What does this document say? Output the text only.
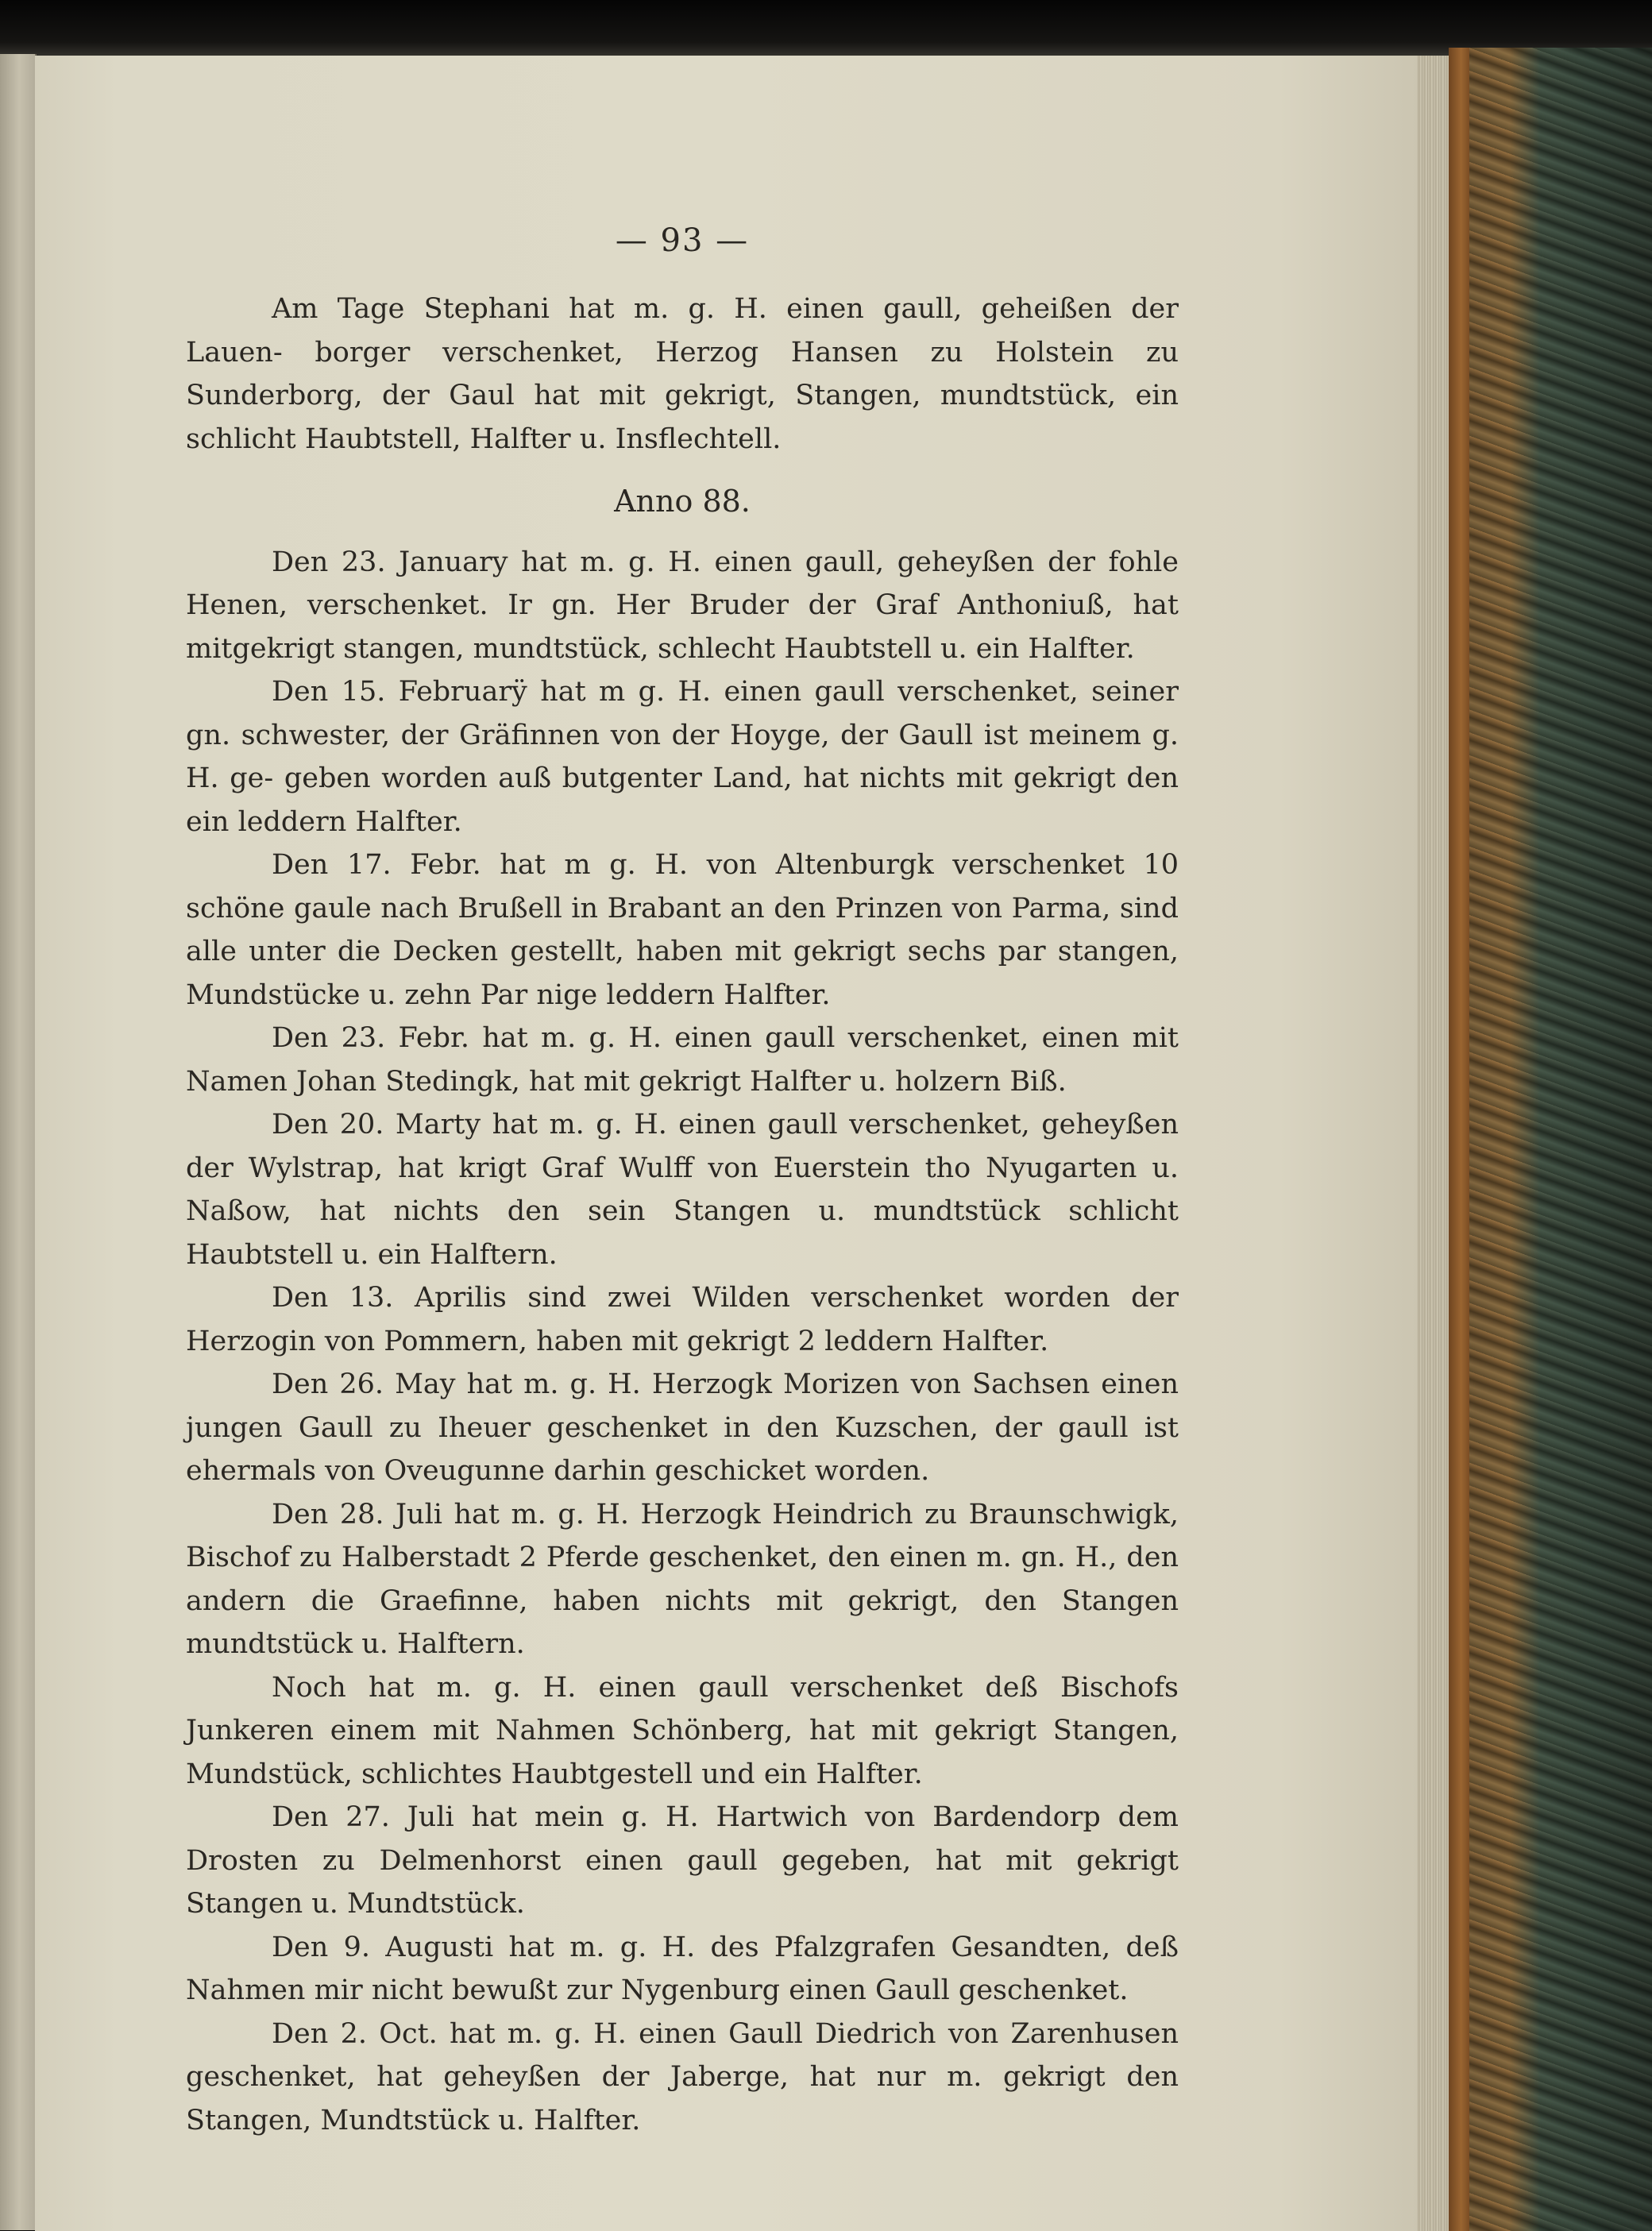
— 93 —

Am Tage Stephani hat m. g. H. einen gaull, geheißen der Lauen- borger verschenket, Herzog Hansen zu Holstein zu Sunderborg, der Gaul hat mit gekrigt, Stangen, mundtstück, ein schlicht Haubtstell, Halfter u. Insflechtell.

Anno 88.

Den 23. January hat m. g. H. einen gaull, geheyßen der fohle Henen, verschenket. Ir gn. Her Bruder der Graf Anthoniuß, hat mitgekrigt stangen, mundtstück, schlecht Haubtstell u. ein Halfter.

Den 15. Februarÿ hat m g. H. einen gaull verschenket, seiner gn. schwester, der Gräfinnen von der Hoyge, der Gaull ist meinem g. H. ge- geben worden auß butgenter Land, hat nichts mit gekrigt den ein leddern Halfter.

Den 17. Febr. hat m g. H. von Altenburgk verschenket 10 schöne gaule nach Brußell in Brabant an den Prinzen von Parma, sind alle unter die Decken gestellt, haben mit gekrigt sechs par stangen, Mundstücke u. zehn Par nige leddern Halfter.

Den 23. Febr. hat m. g. H. einen gaull verschenket, einen mit Namen Johan Stedingk, hat mit gekrigt Halfter u. holzern Biß.

Den 20. Marty hat m. g. H. einen gaull verschenket, geheyßen der Wylstrap, hat krigt Graf Wulff von Euerstein tho Nyugarten u. Naßow, hat nichts den sein Stangen u. mundtstück schlicht Haubtstell u. ein Halftern.

Den 13. Aprilis sind zwei Wilden verschenket worden der Herzogin von Pommern, haben mit gekrigt 2 leddern Halfter.

Den 26. May hat m. g. H. Herzogk Morizen von Sachsen einen jungen Gaull zu Iheuer geschenket in den Kuzschen, der gaull ist ehermals von Oveugunne darhin geschicket worden.

Den 28. Juli hat m. g. H. Herzogk Heindrich zu Braunschwigk, Bischof zu Halberstadt 2 Pferde geschenket, den einen m. gn. H., den andern die Graefinne, haben nichts mit gekrigt, den Stangen mundtstück u. Halftern.

Noch hat m. g. H. einen gaull verschenket deß Bischofs Junkeren einem mit Nahmen Schönberg, hat mit gekrigt Stangen, Mundstück, schlichtes Haubtgestell und ein Halfter.

Den 27. Juli hat mein g. H. Hartwich von Bardendorp dem Drosten zu Delmenhorst einen gaull gegeben, hat mit gekrigt Stangen u. Mundtstück.

Den 9. Augusti hat m. g. H. des Pfalzgrafen Gesandten, deß Nahmen mir nicht bewußt zur Nygenburg einen Gaull geschenket.

Den 2. Oct. hat m. g. H. einen Gaull Diedrich von Zarenhusen geschenket, hat geheyßen der Jaberge, hat nur m. gekrigt den Stangen, Mundtstück u. Halfter.
